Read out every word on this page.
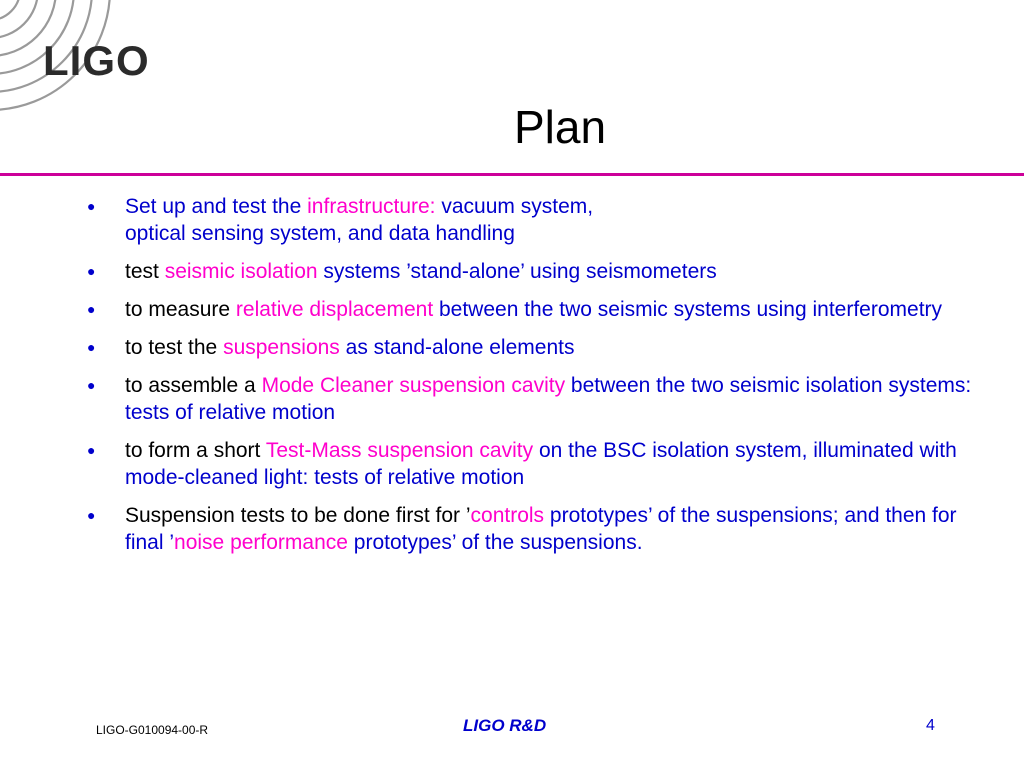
LIGO
Plan
● Set up and test the infrastructure: vacuum system,
optical sensing system, and data handling
● test seismic isolation systems ’stand-alone’ using seismometers
● to measure relative displacement between the two seismic systems using interferometry
● to test the suspensions as stand-alone elements
● to assemble a Mode Cleaner suspension cavity between the two seismic isolation systems: tests of relative motion
● to form a short Test-Mass suspension cavity on the BSC isolation system, illuminated with mode-cleaned light: tests of relative motion
● Suspension tests to be done first for ’controls prototypes’ of the suspensions; and then for final ’noise performance prototypes’ of the suspensions.
LIGO-G010094-00-R	LIGO R&D	4
